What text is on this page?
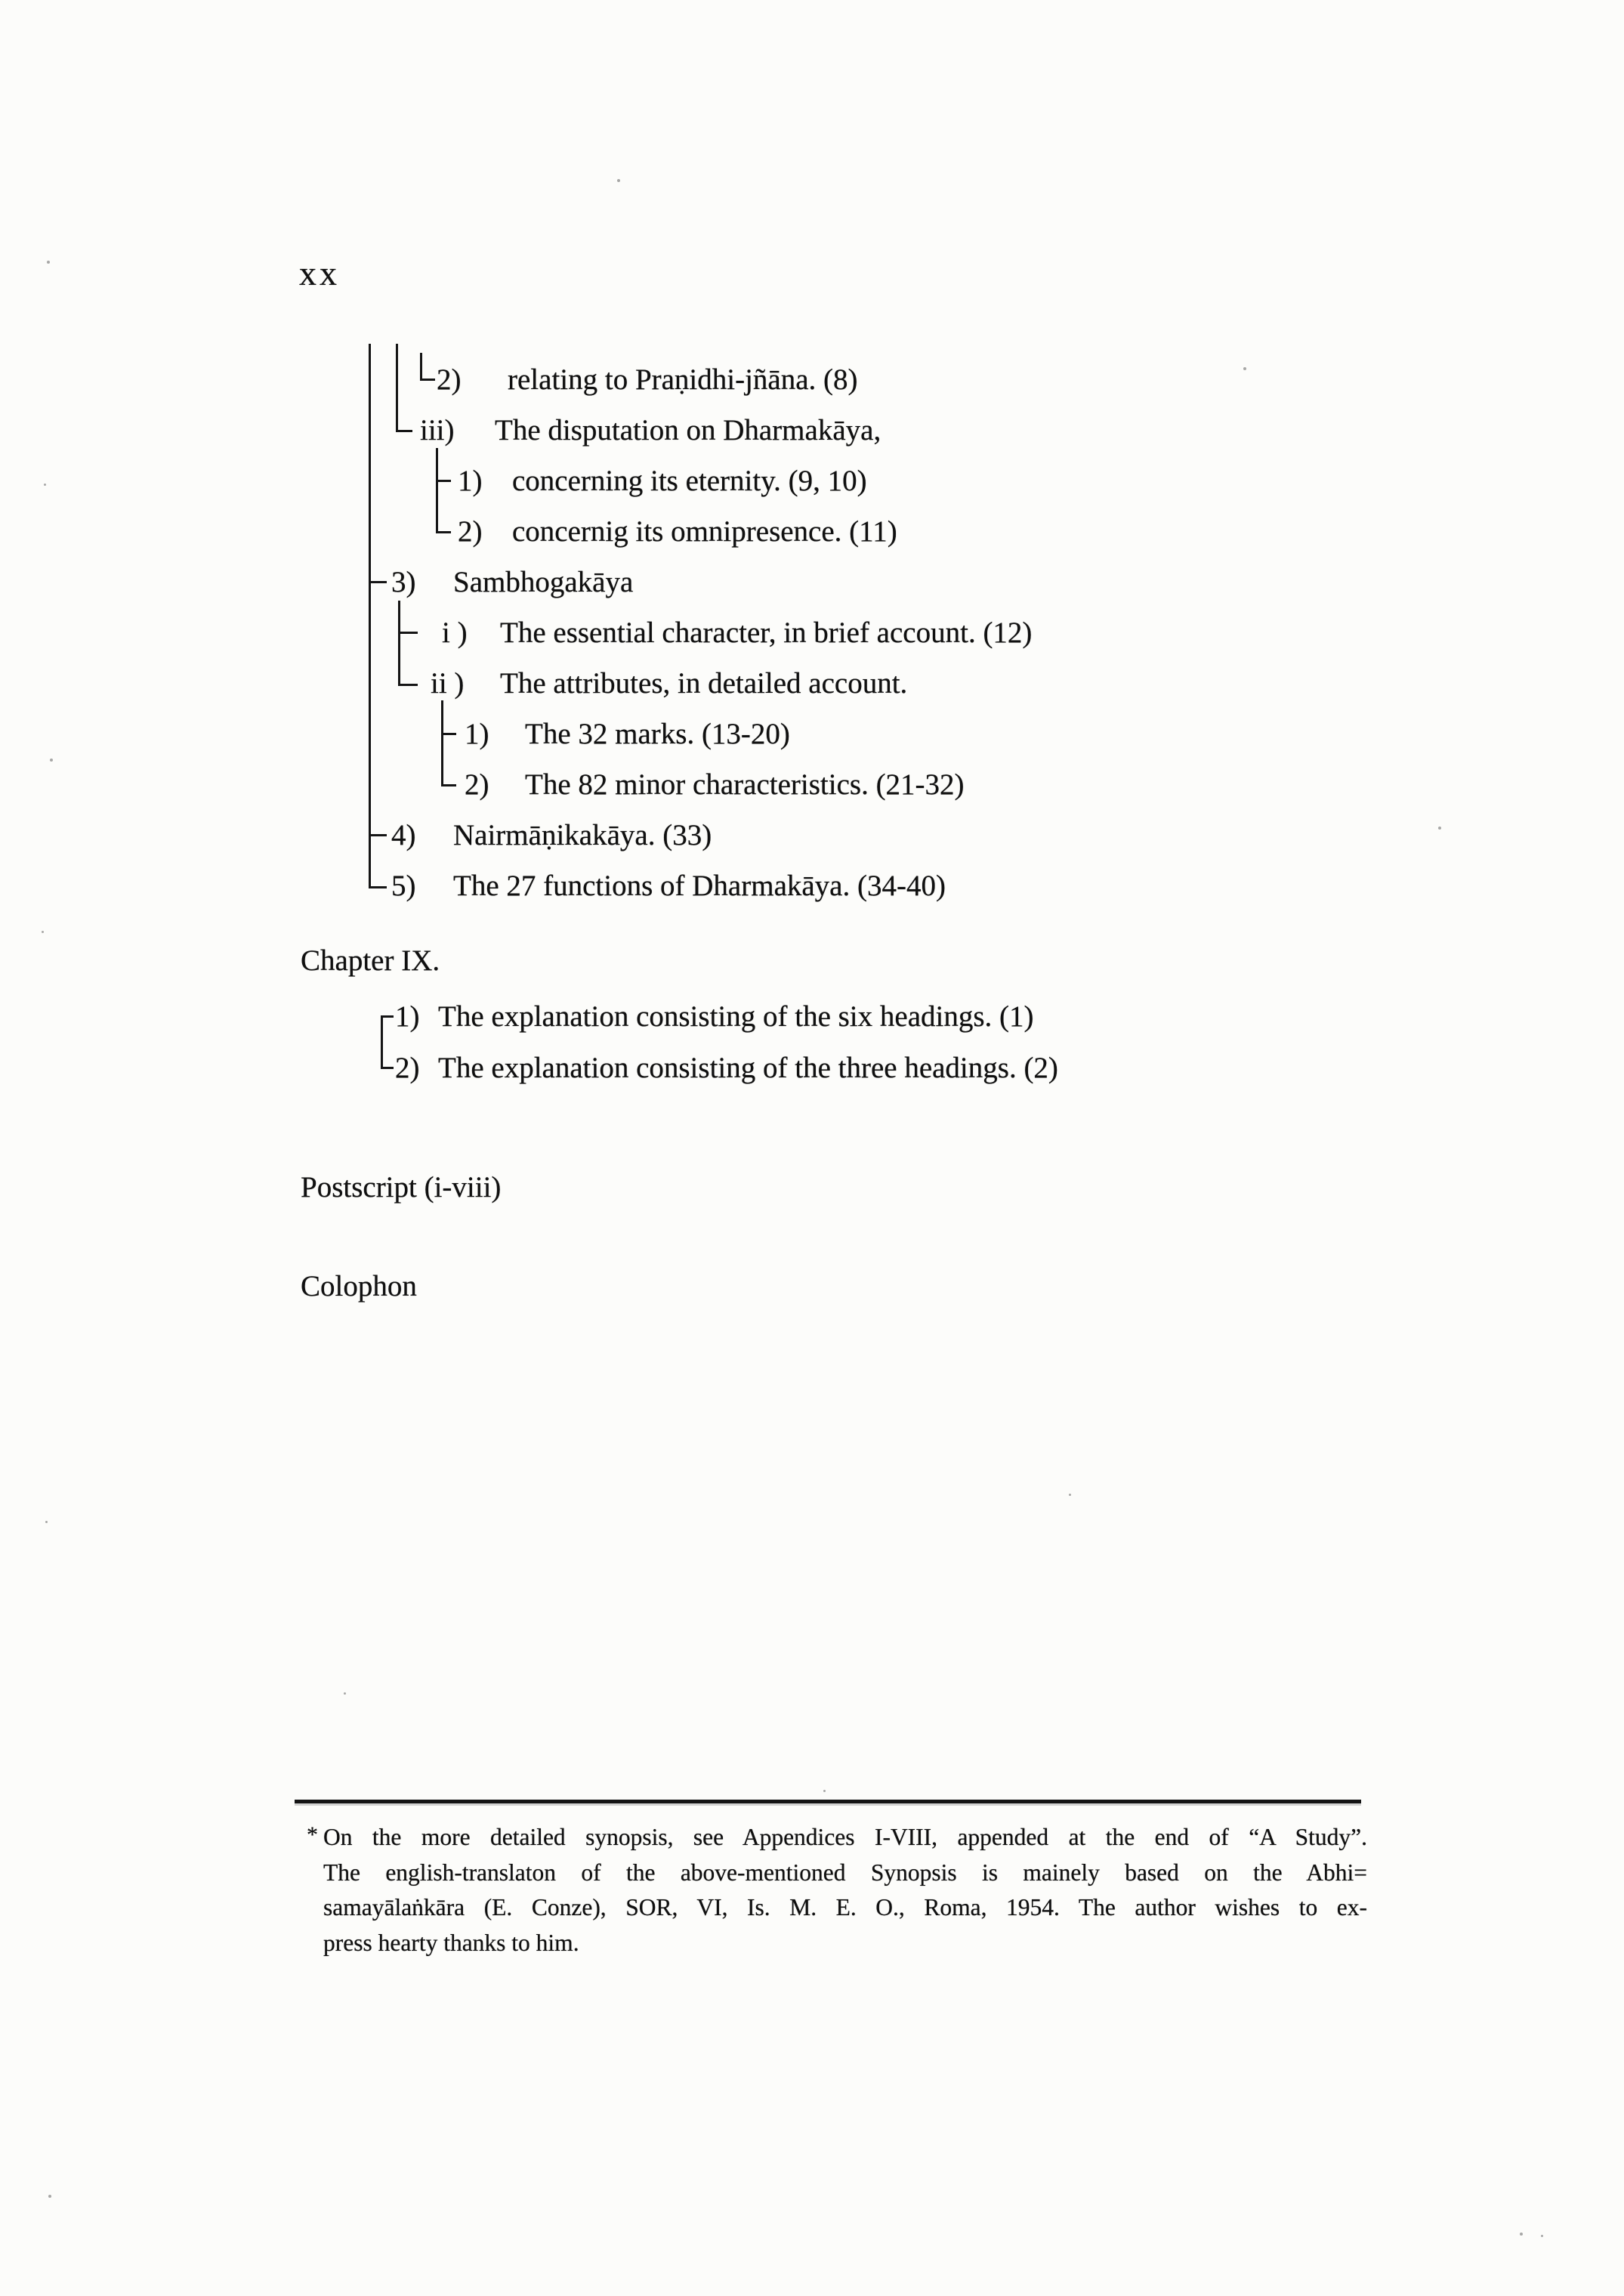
xx
2) relating to Praṇidhi-jñāna. (8)
iii) The disputation on Dharmakāya,
1) concerning its eternity. (9, 10)
2) concernig its omnipresence. (11)
3) Sambhogakāya
i ) The essential character, in brief account. (12)
ii ) The attributes, in detailed account.
1) The 32 marks. (13-20)
2) The 82 minor characteristics. (21-32)
4) Nairmāṇikakāya. (33)
5) The 27 functions of Dharmakāya. (34-40)
Chapter IX.
1) The explanation consisting of the six headings. (1)
2) The explanation consisting of the three headings. (2)
Postscript (i-viii)
Colophon
* On the more detailed synopsis, see Appendices I-VIII, appended at the end of “A Study”.
The english-translaton of the above-mentioned Synopsis is mainely based on the Abhi=
samayālaṅkāra (E. Conze), SOR, VI, Is. M. E. O., Roma, 1954. The author wishes to ex-
press hearty thanks to him.
